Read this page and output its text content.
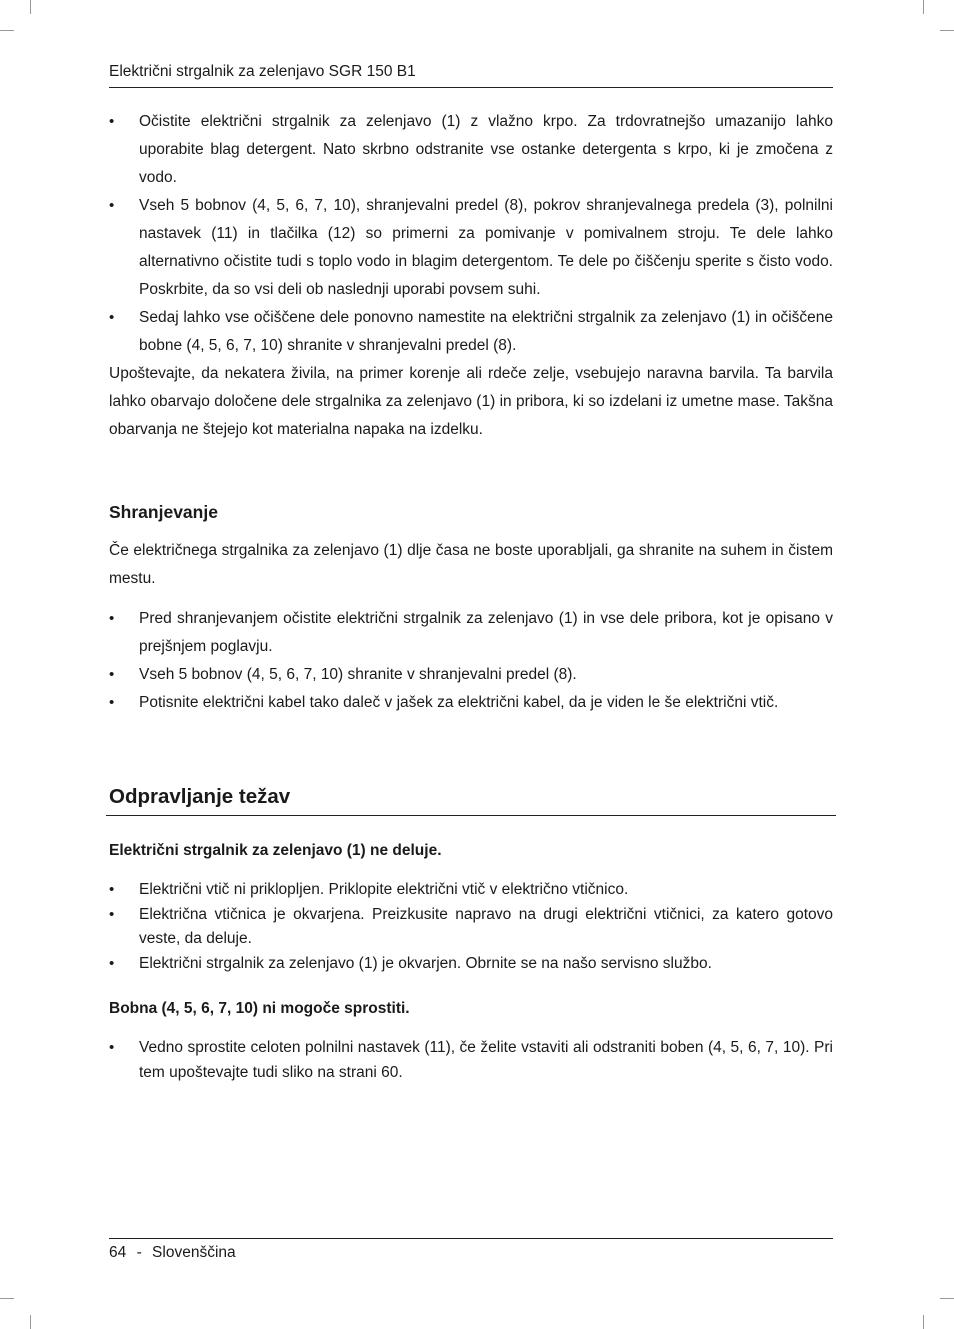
Električni strgalnik za zelenjavo SGR 150 B1
• Očistite električni strgalnik za zelenjavo (1) z vlažno krpo. Za trdovratnejšo umazanijo lahko uporabite blag detergent. Nato skrbno odstranite vse ostanke detergenta s krpo, ki je zmočena z vodo.
• Vseh 5 bobnov (4, 5, 6, 7, 10), shranjevalni predel (8), pokrov shranjevalnega predela (3), polnilni nastavek (11) in tlačilka (12) so primerni za pomivanje v pomivalnem stroju. Te dele lahko alternativno očistite tudi s toplo vodo in blagim detergentom. Te dele po čiščenju sperite s čisto vodo. Poskrbite, da so vsi deli ob naslednji uporabi povsem suhi.
• Sedaj lahko vse očiščene dele ponovno namestite na električni strgalnik za zelenjavo (1) in očiščene bobne (4, 5, 6, 7, 10) shranite v shranjevalni predel (8).

Upoštevajte, da nekatera živila, na primer korenje ali rdeče zelje, vsebujejo naravna barvila. Ta barvila lahko obarvajo določene dele strgalnika za zelenjavo (1) in pribora, ki so izdelani iz umetne mase. Takšna obarvanja ne štejejo kot materialna napaka na izdelku.

Shranjevanje

Če električnega strgalnika za zelenjavo (1) dlje časa ne boste uporabljali, ga shranite na suhem in čistem mestu.

• Pred shranjevanjem očistite električni strgalnik za zelenjavo (1) in vse dele pribora, kot je opisano v prejšnjem poglavju.
• Vseh 5 bobnov (4, 5, 6, 7, 10) shranite v shranjevalni predel (8).
• Potisnite električni kabel tako daleč v jašek za električni kabel, da je viden le še električni vtič.
Odpravljanje težav
Električni strgalnik za zelenjavo (1) ne deluje.
• Električni vtič ni priklopljen. Priklopite električni vtič v električno vtičnico.
• Električna vtičnica je okvarjena. Preizkusite napravo na drugi električni vtičnici, za katero gotovo veste, da deluje.
• Električni strgalnik za zelenjavo (1) je okvarjen. Obrnite se na našo servisno službo.
Bobna (4, 5, 6, 7, 10) ni mogoče sprostiti.
• Vedno sprostite celoten polnilni nastavek (11), če želite vstaviti ali odstraniti boben (4, 5, 6, 7, 10). Pri tem upoštevajte tudi sliko na strani 60.
64 - Slovenščina
